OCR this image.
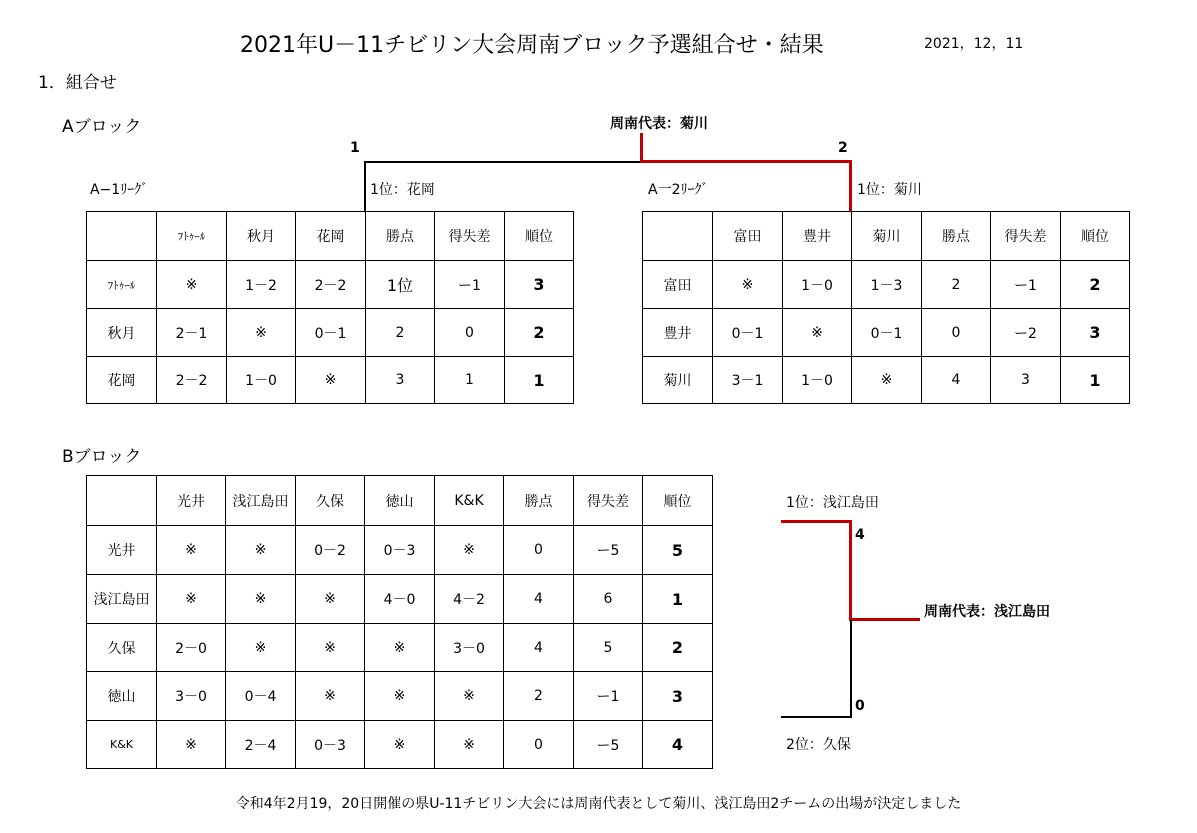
2021年U－11チビリン大会周南ブロック予選組合せ・結果	2021，12，11
1．組合せ
Aブロック	周南代表：菊川
1	2
A−1ﾘｰｸﾞ	1位：花岡	A一2ﾘｰｸﾞ	1位：菊川
	ﾌﾄｩｰﾙ	秋月	花岡	勝点	得失差	順位
ﾌﾄｩｰﾙ	※	1－2	2－2	1位	ー1	3
秋月	2－1	※	0－1	2	0	2
花岡	2－2	1－0	※	3	1	1
	富田	豊井	菊川	勝点	得失差	順位
富田	※	1－0	1－3	2	ー1	2
豊井	0－1	※	0－1	0	ー2	3
菊川	3－1	1－0	※	4	3	1
Bブロック
	光井	浅江島田	久保	徳山	K&K	勝点	得失差	順位
光井	※	※	0－2	0－3	※	0	ー5	5
浅江島田	※	※	※	4－0	4－2	4	6	1
久保	2－0	※	※	※	3－0	4	5	2
徳山	3－0	0－4	※	※	※	2	ー1	3
K&K	※	2－4	0－3	※	※	0	ー5	4
1位：浅江島田
4
0
周南代表：浅江島田
2位：久保
令和4年2月19，20日開催の県U-11チビリン大会には周南代表として菊川、浅江島田2チームの出場が決定しました
